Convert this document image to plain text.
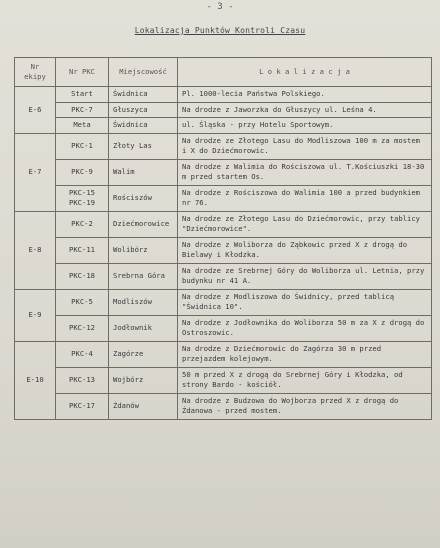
- 3 -
Lokalizacja Punktów Kontroli Czasu
Nr ekipy	Nr PKC	Miejscowość	L o k a l i z a c j a
E-6	Start	Świdnica	Pl. 1000-lecia Państwa Polskiego.
	PKC-7	Głuszyca	Na drodze z Jaworzka do Głuszycy ul. Leśna 4.
	Meta	Świdnica	ul. Śląska - przy Hotelu Sportowym.
E-7	PKC-1	Złoty Las	Na drodze ze Złotego Lasu do Modliszowa 100 m za mostem i X do Dziećmorowic.
	PKC-9	Walim	Na drodze z Walimia do Rościszowa ul. T.Kościuszki 18-30 m przed startem Os.
	PKC-15 PKC-19	Rościszów	Na drodze z Rościszowa do Walimia 100 a przed budynkiem nr 76.
E-8	PKC-2	Dziećmorowice	Na drodze ze Złotego Lasu do Dziećmorowic, przy tablicy "Dziećmorowice".
	PKC-11	Wolibórz	Na drodze z Woliborza do Ząbkowic przed X z drogą do Bielawy i Kłodzka.
	PKC-18	Srebrna Góra	Na drodze ze Srebrnej Góry do Woliborza ul. Letnia, przy budynku nr 41 A.
E-9	PKC-5	Modliszów	Na drodze z Modliszowa do Świdnicy, przed tablicą "Świdnica 10".
	PKC-12	Jodłownik	Na drodze z Jodłownika do Woliborza 50 m za X z drogą do Ostroszowic.
E-10	PKC-4	Zagórze	Na drodze z Dziećmorowic do Zagórza 30 m przed przejazdem kolejowym.
	PKC-13	Wojbórz	50 m przed X z drogą do Srebrnej Góry i Kłodzka, od strony Bardo - kościół.
	PKC-17	Żdanów	Na drodze z Budzowa do Wojborza przed X z drogą do Żdanowa - przed mostem.
